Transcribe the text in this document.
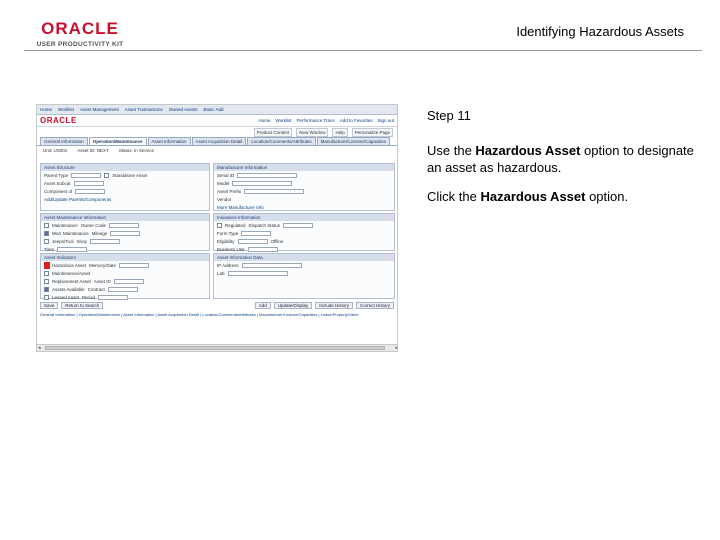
ORACLE
USER PRODUCTIVITY KIT
Identifying Hazardous Assets
Home Worklist Asset Management Asset Transactions Owned Assets Basic Add
ORACLE	Home Worklist Performance Trace Add to Favorites Sign out
Product Content	New Window	Help	Personalize Page
General Information	Operation/Maintenance	Asset Information	Asset Acquisition Detail	Location/Comments/Attributes	Manufacturer/License/Capacities
Unit: US001 Asset ID: NEXT Status: In Service
Asset Structure
Parent Type	Standalone Asset
Asset Subcat
Component of
Add/Update Parents/Components
Manufacturer Information
Serial ID
Model
Asset Prefix
Vendor
More Manufacturer Info
Asset Maintenance Information
Maintenance Owner Code
Warr Maintenance Mileage
Jeeps/Tool Shop
Tires
Insurance Information
Regulated Dispatch Status
Form Type
Eligibility	Offline
Business Unit
Asset Indicators
Hazardous Asset Memory/Date
Maintenance/Asset
Replacement Asset Asset ID
Assets Available Contract
Leased Asset Period
Asset Information Data
IP Address
Lab
Save	Return to Search	Add	Update/Display	Include History	Correct History
General Information | Operation/Maintenance | Asset Information | Asset Acquisition Detail | Location/Comments/Attributes | Manufacturer/License/Capacities | Lease/Property/Other
◂	▸
Step 11
Use the Hazardous Asset option to designate an asset as hazardous.
Click the Hazardous Asset option.
